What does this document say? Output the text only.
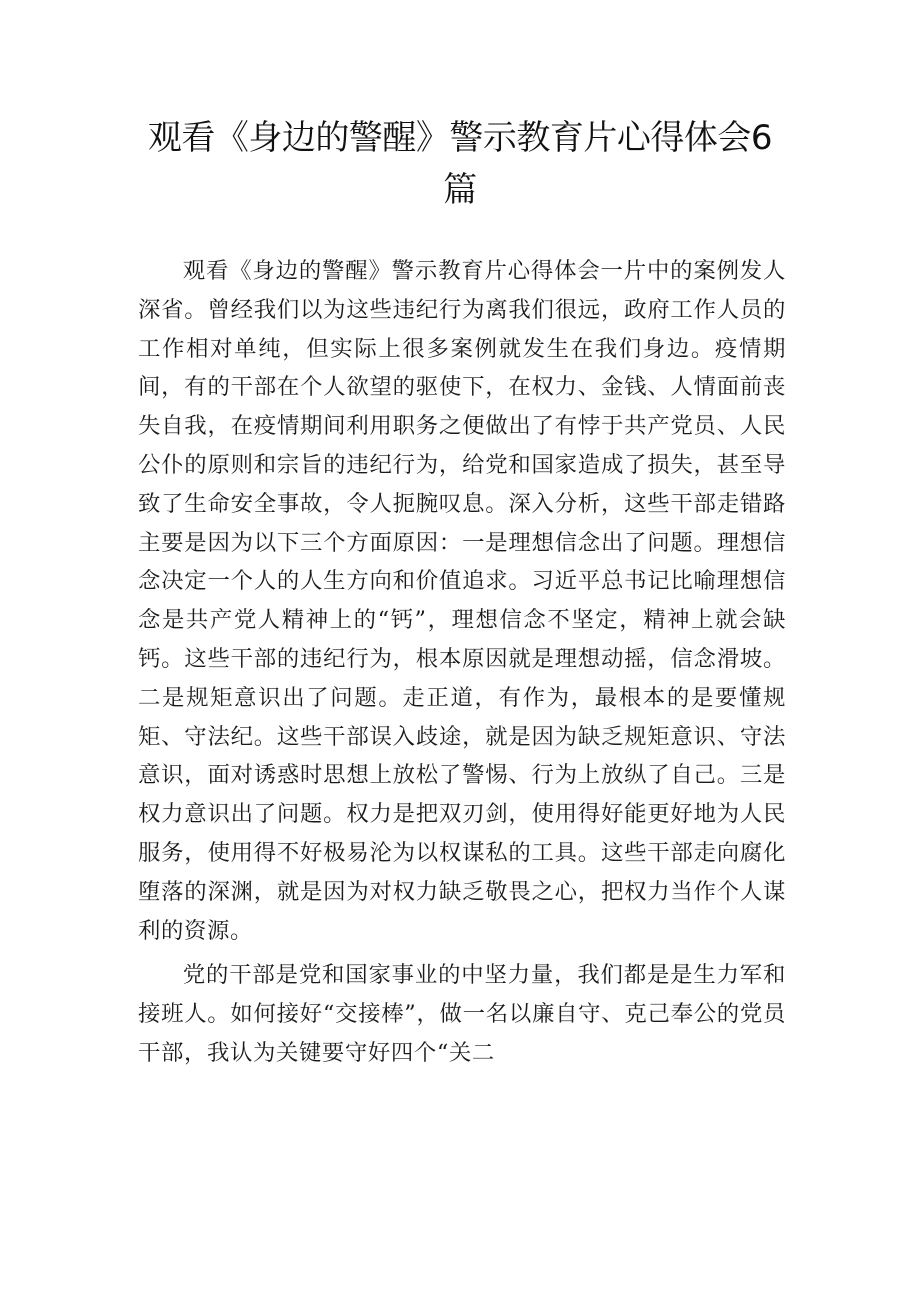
观看《身边的警醒》警示教育片心得体会6篇

观看《身边的警醒》警示教育片心得体会一片中的案例发人深省。曾经我们以为这些违纪行为离我们很远，政府工作人员的工作相对单纯，但实际上很多案例就发生在我们身边。疫情期间，有的干部在个人欲望的驱使下，在权力、金钱、人情面前丧失自我，在疫情期间利用职务之便做出了有悖于共产党员、人民公仆的原则和宗旨的违纪行为，给党和国家造成了损失，甚至导致了生命安全事故，令人扼腕叹息。深入分析，这些干部走错路主要是因为以下三个方面原因：一是理想信念出了问题。理想信念决定一个人的人生方向和价值追求。习近平总书记比喻理想信念是共产党人精神上的“钙”，理想信念不坚定，精神上就会缺钙。这些干部的违纪行为，根本原因就是理想动摇，信念滑坡。二是规矩意识出了问题。走正道，有作为，最根本的是要懂规矩、守法纪。这些干部误入歧途，就是因为缺乏规矩意识、守法意识，面对诱惑时思想上放松了警惕、行为上放纵了自己。三是权力意识出了问题。权力是把双刃剑，使用得好能更好地为人民服务，使用得不好极易沦为以权谋私的工具。这些干部走向腐化堕落的深渊，就是因为对权力缺乏敬畏之心，把权力当作个人谋利的资源。

党的干部是党和国家事业的中坚力量，我们都是是生力军和接班人。如何接好“交接棒”，做一名以廉自守、克己奉公的党员干部，我认为关键要守好四个“关二
